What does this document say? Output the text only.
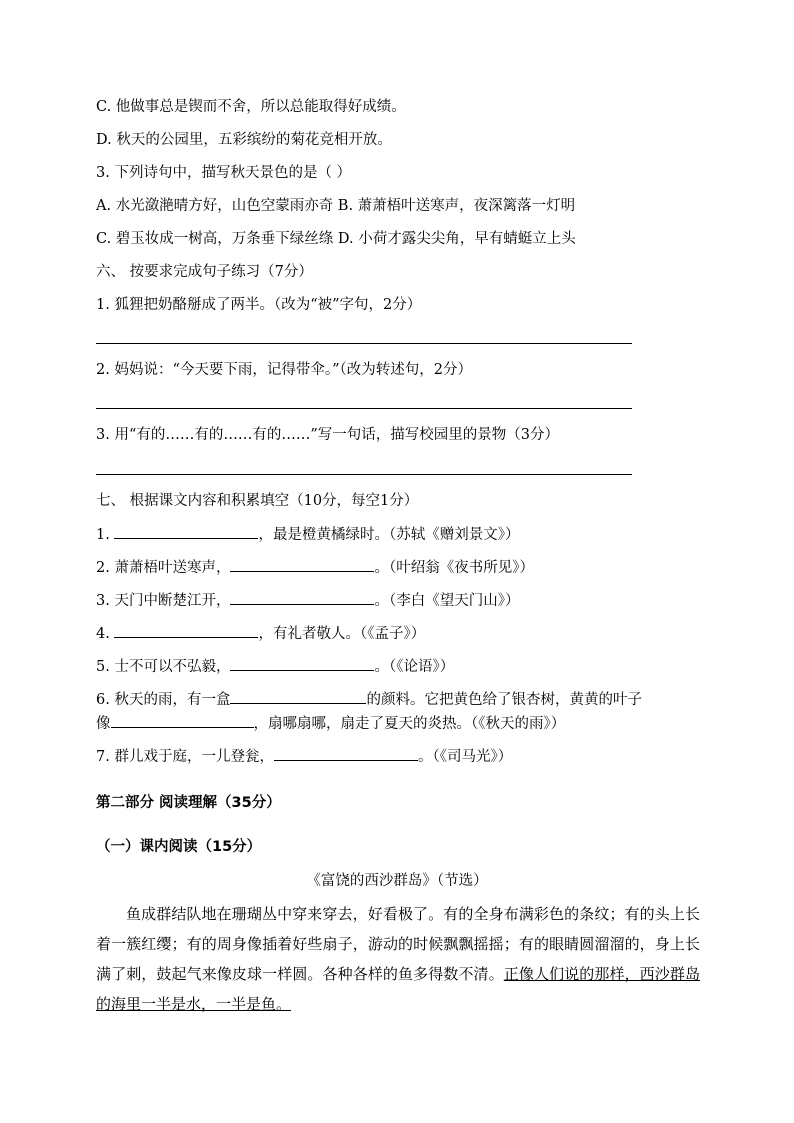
C. 他做事总是锲而不舍，所以总能取得好成绩。
D. 秋天的公园里，五彩缤纷的菊花竞相开放。
3. 下列诗句中，描写秋天景色的是（ ）
A. 水光潋滟晴方好，山色空蒙雨亦奇 B. 萧萧梧叶送寒声，夜深篱落一灯明
C. 碧玉妆成一树高，万条垂下绿丝绦 D. 小荷才露尖尖角，早有蜻蜓立上头
六、 按要求完成句子练习（7分）
1. 狐狸把奶酪掰成了两半。（改为“被”字句，2分）
2. 妈妈说：“今天要下雨，记得带伞。”（改为转述句，2分）
3. 用“有的……有的……有的……”写一句话，描写校园里的景物（3分）
七、 根据课文内容和积累填空（10分，每空1分）
1.	，最是橙黄橘绿时。（苏轼《赠刘景文》）
2. 萧萧梧叶送寒声，	。（叶绍翁《夜书所见》）
3. 天门中断楚江开，	。（李白《望天门山》）
4.	，有礼者敬人。（《孟子》）
5. 士不可以不弘毅，	。（《论语》）
6. 秋天的雨，有一盒	的颜料。它把黄色给了银杏树，黄黄的叶子
像	，扇哪扇哪，扇走了夏天的炎热。（《秋天的雨》）
7. 群儿戏于庭，一儿登瓮，	。（《司马光》）
第二部分 阅读理解（35分）
（一）课内阅读（15分）
《富饶的西沙群岛》（节选）
鱼成群结队地在珊瑚丛中穿来穿去，好看极了。有的全身布满彩色的条纹；有的头上长着一簇红缨；有的周身像插着好些扇子，游动的时候飘飘摇摇；有的眼睛圆溜溜的，身上长满了刺，鼓起气来像皮球一样圆。各种各样的鱼多得数不清。正像人们说的那样，西沙群岛的海里一半是水，一半是鱼。
